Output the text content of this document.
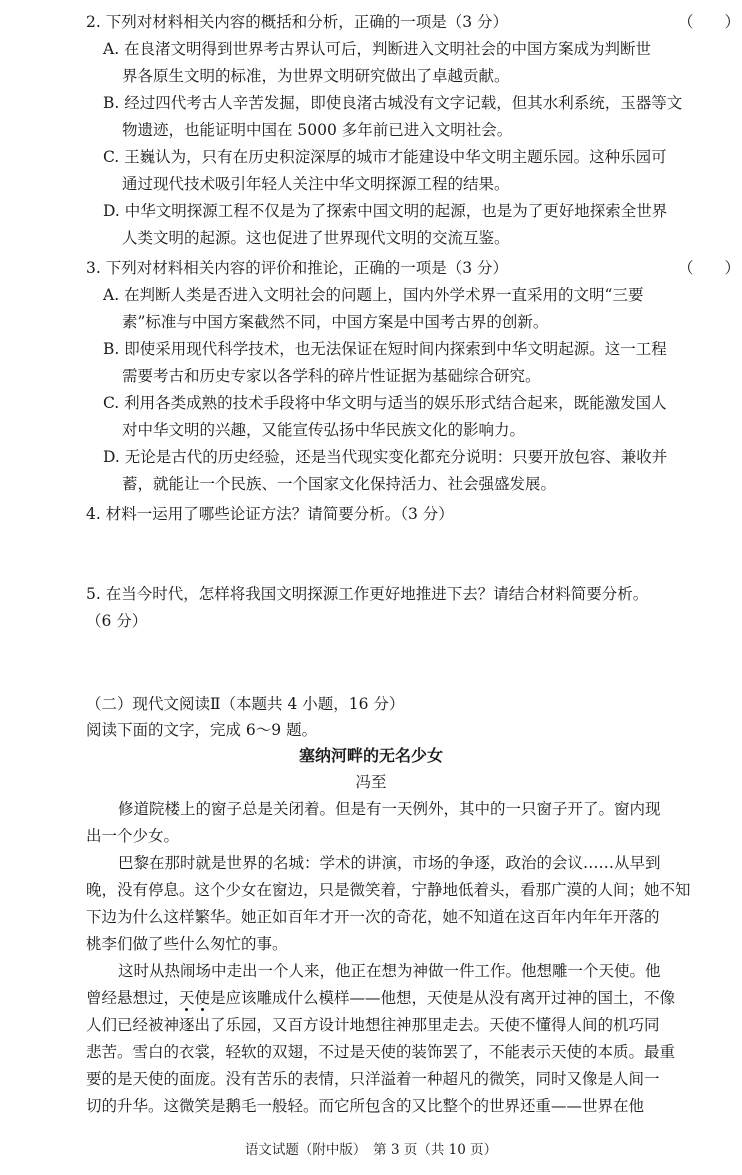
2. 下列对材料相关内容的概括和分析，正确的一项是（3 分）	（　　）
A. 在良渚文明得到世界考古界认可后，判断进入文明社会的中国方案成为判断世
界各原生文明的标准，为世界文明研究做出了卓越贡献。
B. 经过四代考古人辛苦发掘，即使良渚古城没有文字记载，但其水利系统，玉器等文
物遗迹，也能证明中国在 5000 多年前已进入文明社会。
C. 王巍认为，只有在历史积淀深厚的城市才能建设中华文明主题乐园。这种乐园可
通过现代技术吸引年轻人关注中华文明探源工程的结果。
D. 中华文明探源工程不仅是为了探索中国文明的起源，也是为了更好地探索全世界
人类文明的起源。这也促进了世界现代文明的交流互鉴。
3. 下列对材料相关内容的评价和推论，正确的一项是（3 分）	（　　）
A. 在判断人类是否进入文明社会的问题上，国内外学术界一直采用的文明“三要
素”标准与中国方案截然不同，中国方案是中国考古界的创新。
B. 即使采用现代科学技术，也无法保证在短时间内探索到中华文明起源。这一工程
需要考古和历史专家以各学科的碎片性证据为基础综合研究。
C. 利用各类成熟的技术手段将中华文明与适当的娱乐形式结合起来，既能激发国人
对中华文明的兴趣，又能宣传弘扬中华民族文化的影响力。
D. 无论是古代的历史经验，还是当代现实变化都充分说明：只要开放包容、兼收并
蓄，就能让一个民族、一个国家文化保持活力、社会强盛发展。
4. 材料一运用了哪些论证方法？请简要分析。（3 分）
5. 在当今时代，怎样将我国文明探源工作更好地推进下去？请结合材料简要分析。
（6 分）
（二）现代文阅读Ⅱ（本题共 4 小题，16 分）
阅读下面的文字，完成 6～9 题。
塞纳河畔的无名少女
冯至
修道院楼上的窗子总是关闭着。但是有一天例外，其中的一只窗子开了。窗内现
出一个少女。
巴黎在那时就是世界的名城：学术的讲演，市场的争逐，政治的会议……从早到
晚，没有停息。这个少女在窗边，只是微笑着，宁静地低着头，看那广漠的人间；她不知
下边为什么这样繁华。她正如百年才开一次的奇花，她不知道在这百年内年年开落的
桃李们做了些什么匆忙的事。
这时从热闹场中走出一个人来，他正在想为神做一件工作。他想雕一个天使。他
曾经悬想过，天使是应该雕成什么模样——他想，天使是从没有离开过神的国土，不像
人们已经被神逐出了乐园，又百方设计地想往神那里走去。天使不懂得人间的机巧同
悲苦。雪白的衣裳，轻软的双翅，不过是天使的装饰罢了，不能表示天使的本质。最重
要的是天使的面庞。没有苦乐的表情，只洋溢着一种超凡的微笑，同时又像是人间一
切的升华。这微笑是鹅毛一般轻。而它所包含的又比整个的世界还重——世界在他
语文试题（附中版）　第 3 页（共 10 页）
